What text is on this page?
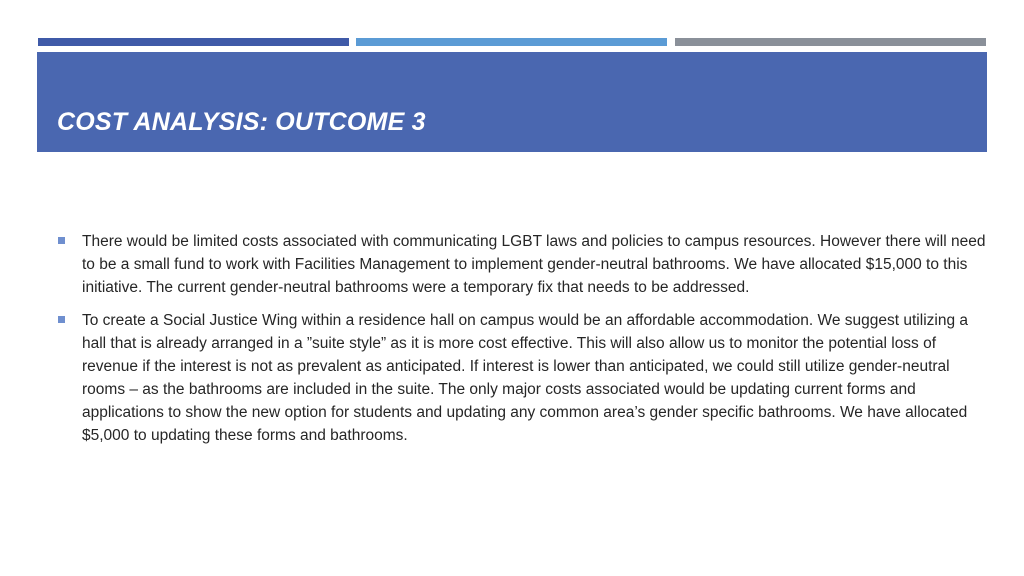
COST ANALYSIS: OUTCOME 3
There would be limited costs associated with communicating LGBT laws and policies to campus resources. However there will need to be a small fund to work with Facilities Management to implement gender-neutral bathrooms. We have allocated $15,000 to this initiative. The current gender-neutral bathrooms were a temporary fix that needs to be addressed.
To create a Social Justice Wing within a residence hall on campus would be an affordable accommodation. We suggest utilizing a hall that is already arranged in a ”suite style” as it is more cost effective. This will also allow us to monitor the potential loss of revenue if the interest is not as prevalent as anticipated. If interest is lower than anticipated, we could still utilize gender-neutral rooms – as the bathrooms are included in the suite. The only major costs associated would be updating current forms and applications to show the new option for students and updating any common area’s gender specific bathrooms. We have allocated $5,000 to updating these forms and bathrooms.
